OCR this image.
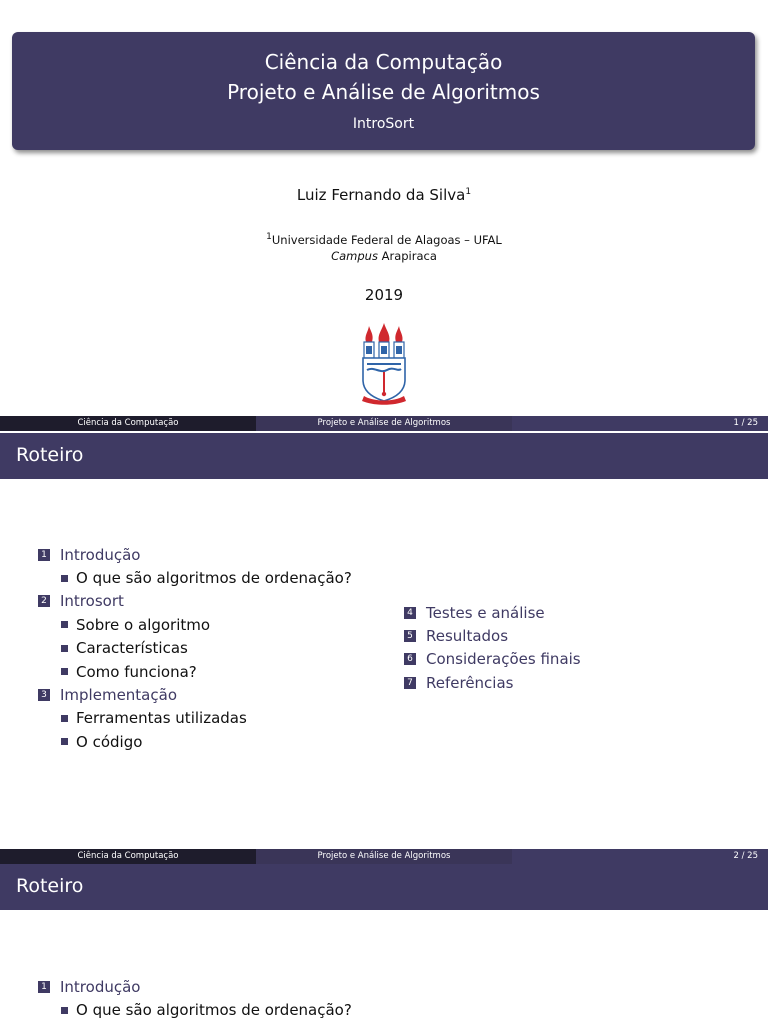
Ciência da Computação
Projeto e Análise de Algoritmos
IntroSort
Luiz Fernando da Silva$^1$
$^1$Universidade Federal de Alagoas – UFAL
Campus Arapiraca
2019
Ciência da Computação	Projeto e Análise de Algoritmos	1 / 25
Roteiro
1 Introdução
O que são algoritmos de ordenação?
2 Introsort
Sobre o algoritmo
Características
Como funciona?
3 Implementação
Ferramentas utilizadas
O código
4 Testes e análise
5 Resultados
6 Considerações finais
7 Referências
Ciência da Computação	Projeto e Análise de Algoritmos	2 / 25
Roteiro
1 Introdução
O que são algoritmos de ordenação?
